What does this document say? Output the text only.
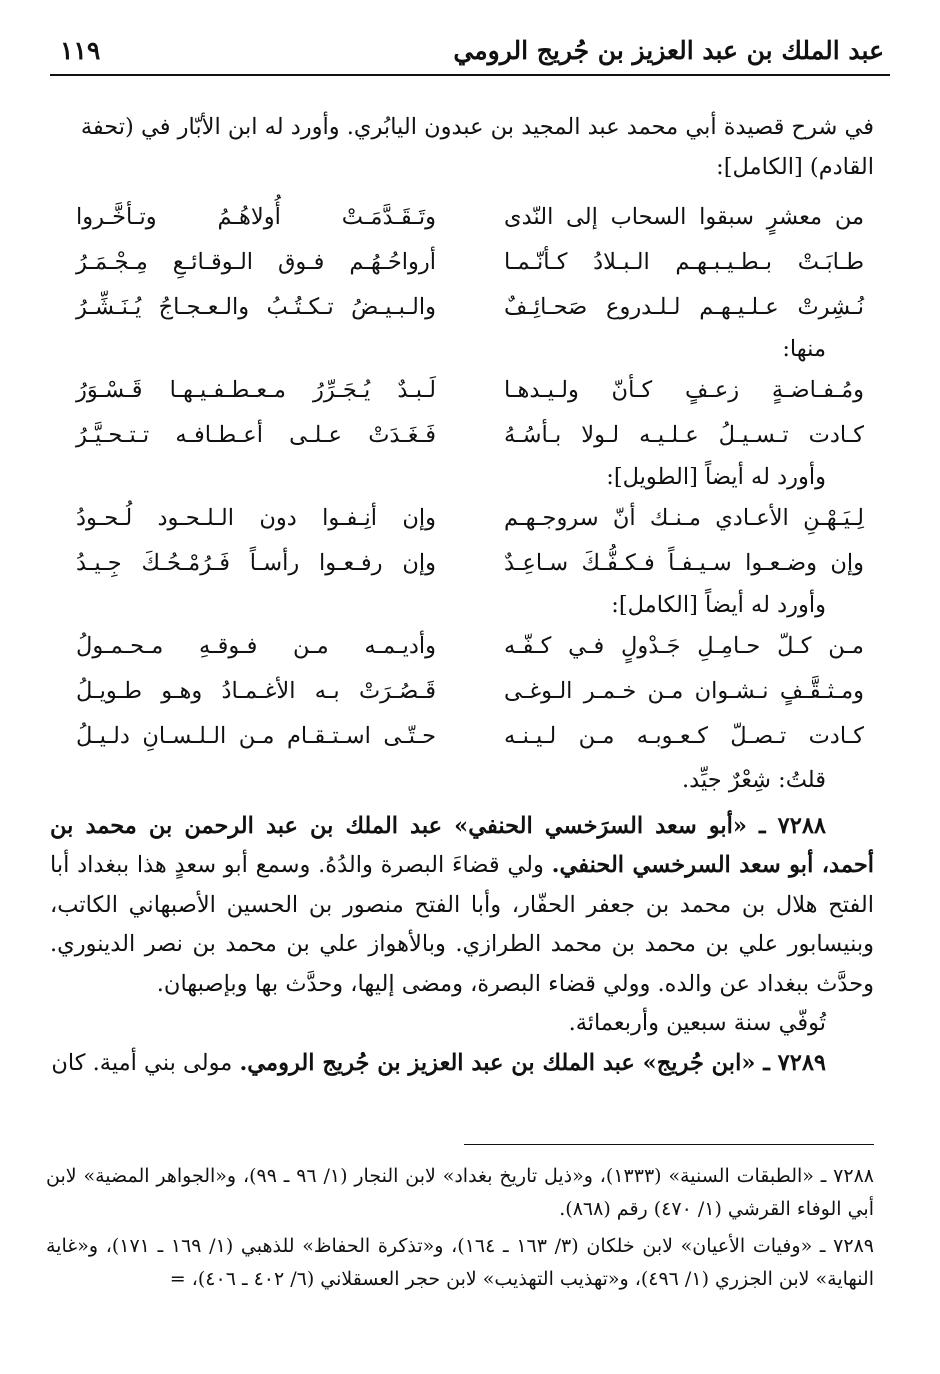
عبد الملك بن عبد العزيز بن جُريج الرومي
١١٩

في شرح قصيدة أبي محمد عبد المجيد بن عبدون اليابُري. وأورد له ابن الأبّار في (تحفة

القادم) [الكامل]:

من معشرٍ سبقوا السحاب إلى النّدى
وتَـقَـدَّمَـتْ أُولاهُـمُ وتـأخَّـروا
طـابَـتْ بـطـيـبـهـم الـبـلادُ كـأنّـمـا
أرواحُـهُـم فـوق الـوقـائـعِ مِـجْـمَـرُ
نُـشِرتْ عـلـيـهـم لـلـدروع صَحـائِـفٌ
والـبـيـضُ تـكـتُـبُ والـعـجـاجُ يُـنَـشِّـرُ

منها:

ومُـفـاضـةٍ زعـفٍ كـأنّ ولـيـدهـا
لَـبـدٌ يُـجَـرِّرُ مـعـطـفـيـهـا قَـسْـوَرُ
كـادت تـسـيـلُ عـلـيـه لـولا بـأسُـهُ
فَـغَـدَتْ عـلـى أعـطـافـه تـتـحـيَّـرُ

وأورد له أيضاً [الطويل]:

لِـيَـهْـنِ الأعـادي مـنـك أنّ سروجـهـم
وإن أنِـفـوا دون الـلـحـود لُـحـودُ
وإن وضـعـوا سـيـفـاً فـكـفُّـكَ سـاعِـدٌ
وإن رفـعـوا رأسـاً فَـرُمْـحُـكَ جِـيـدُ

وأورد له أيضاً [الكامل]:

مـن كـلّ حـامِـلِ جَـدْولٍ فـي كـفّـه
وأديـمـه مـن فـوقـهِ مـحـمـولُ
ومـثـقَّـفٍ نـشـوان مـن خـمـر الـوغـى
قَـصُـرَتْ بـه الأغـمـادُ وهـو طـويـلُ
كـادت تـصـلّ كـعـوبـه مـن لـيـنـه
حـتّـى اسـتـقـام مـن الـلـسـانِ دلـيـلُ

قلتُ: شِعْرٌ جيِّد.

٧٢٨٨ ـ «أبو سعد السرَخسي الحنفي» عبد الملك بن عبد الرحمن بن محمد بن أحمد، أبو سعد السرخسي الحنفي. ولي قضاءَ البصرة والدُهُ. وسمع أبو سعدٍ هذا ببغداد أبا الفتح هلال بن محمد بن جعفر الحفّار، وأبا الفتح منصور بن الحسين الأصبهاني الكاتب، وبنيسابور علي بن محمد بن محمد الطرازي. وبالأهواز علي بن محمد بن نصر الدينوري. وحدَّث ببغداد عن والده. وولي قضاء البصرة، ومضى إليها، وحدَّث بها وبإصبهان.

تُوفّي سنة سبعين وأربعمائة.

٧٢٨٩ ـ «ابن جُريج» عبد الملك بن عبد العزيز بن جُريج الرومي. مولى بني أمية. كان

٧٢٨٨ ـ «الطبقات السنية» (١٣٣٣)، و«ذيل تاريخ بغداد» لابن النجار (١/ ٩٦ ـ ٩٩)، و«الجواهر المضية» لابن أبي الوفاء القرشي (١/ ٤٧٠) رقم (٨٦٨).

٧٢٨٩ ـ «وفيات الأعيان» لابن خلكان (٣/ ١٦٣ ـ ١٦٤)، و«تذكرة الحفاظ» للذهبي (١/ ١٦٩ ـ ١٧١)، و«غاية النهاية» لابن الجزري (١/ ٤٩٦)، و«تهذيب التهذيب» لابن حجر العسقلاني (٦/ ٤٠٢ ـ ٤٠٦)، =
